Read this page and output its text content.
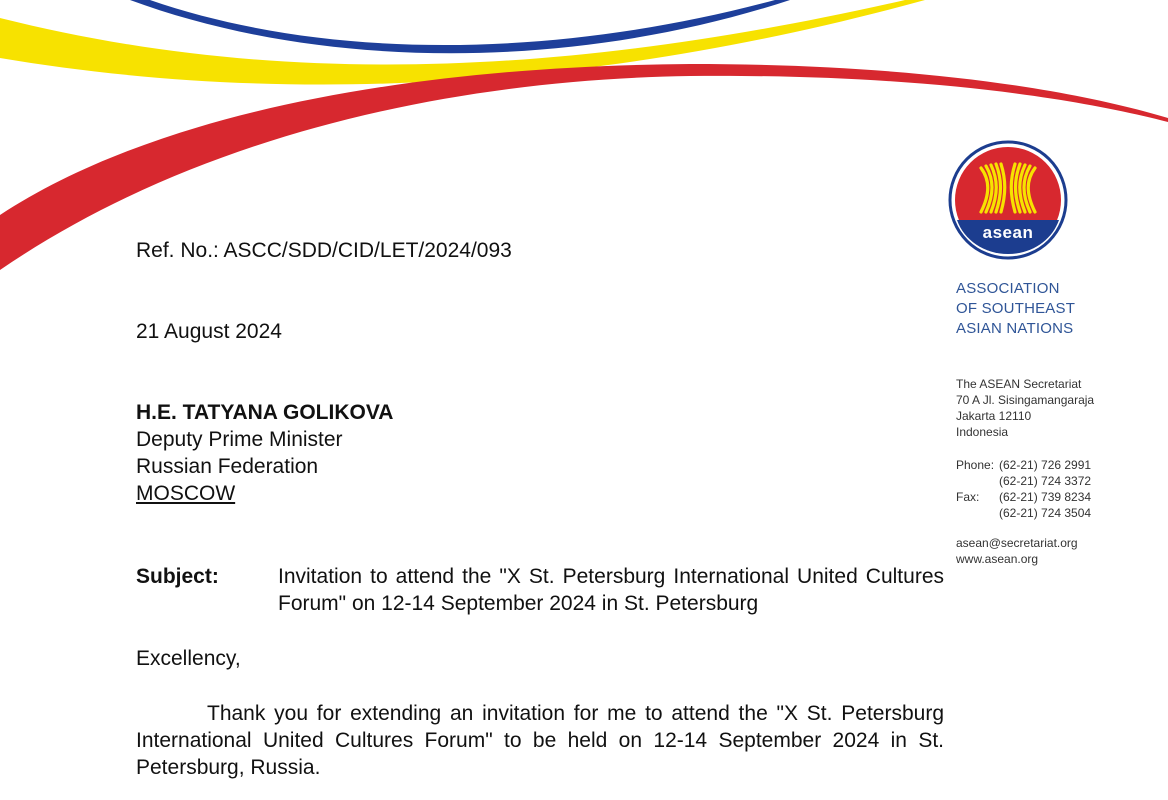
asean
ASSOCIATION
OF SOUTHEAST
ASIAN NATIONS
The ASEAN Secretariat
70 A Jl. Sisingamangaraja
Jakarta 12110
Indonesia
Phone: (62-21) 726 2991
(62-21) 724 3372
Fax:	(62-21) 739 8234
(62-21) 724 3504
asean@secretariat.org
www.asean.org
Ref. No.: ASCC/SDD/CID/LET/2024/093
21 August 2024
H.E. TATYANA GOLIKOVA
Deputy Prime Minister
Russian Federation
MOSCOW
Subject:	Invitation to attend the "X St. Petersburg International United Cultures Forum" on 12-14 September 2024 in St. Petersburg
Excellency,
Thank you for extending an invitation for me to attend the "X St. Petersburg International United Cultures Forum" to be held on 12-14 September 2024 in St. Petersburg, Russia.
